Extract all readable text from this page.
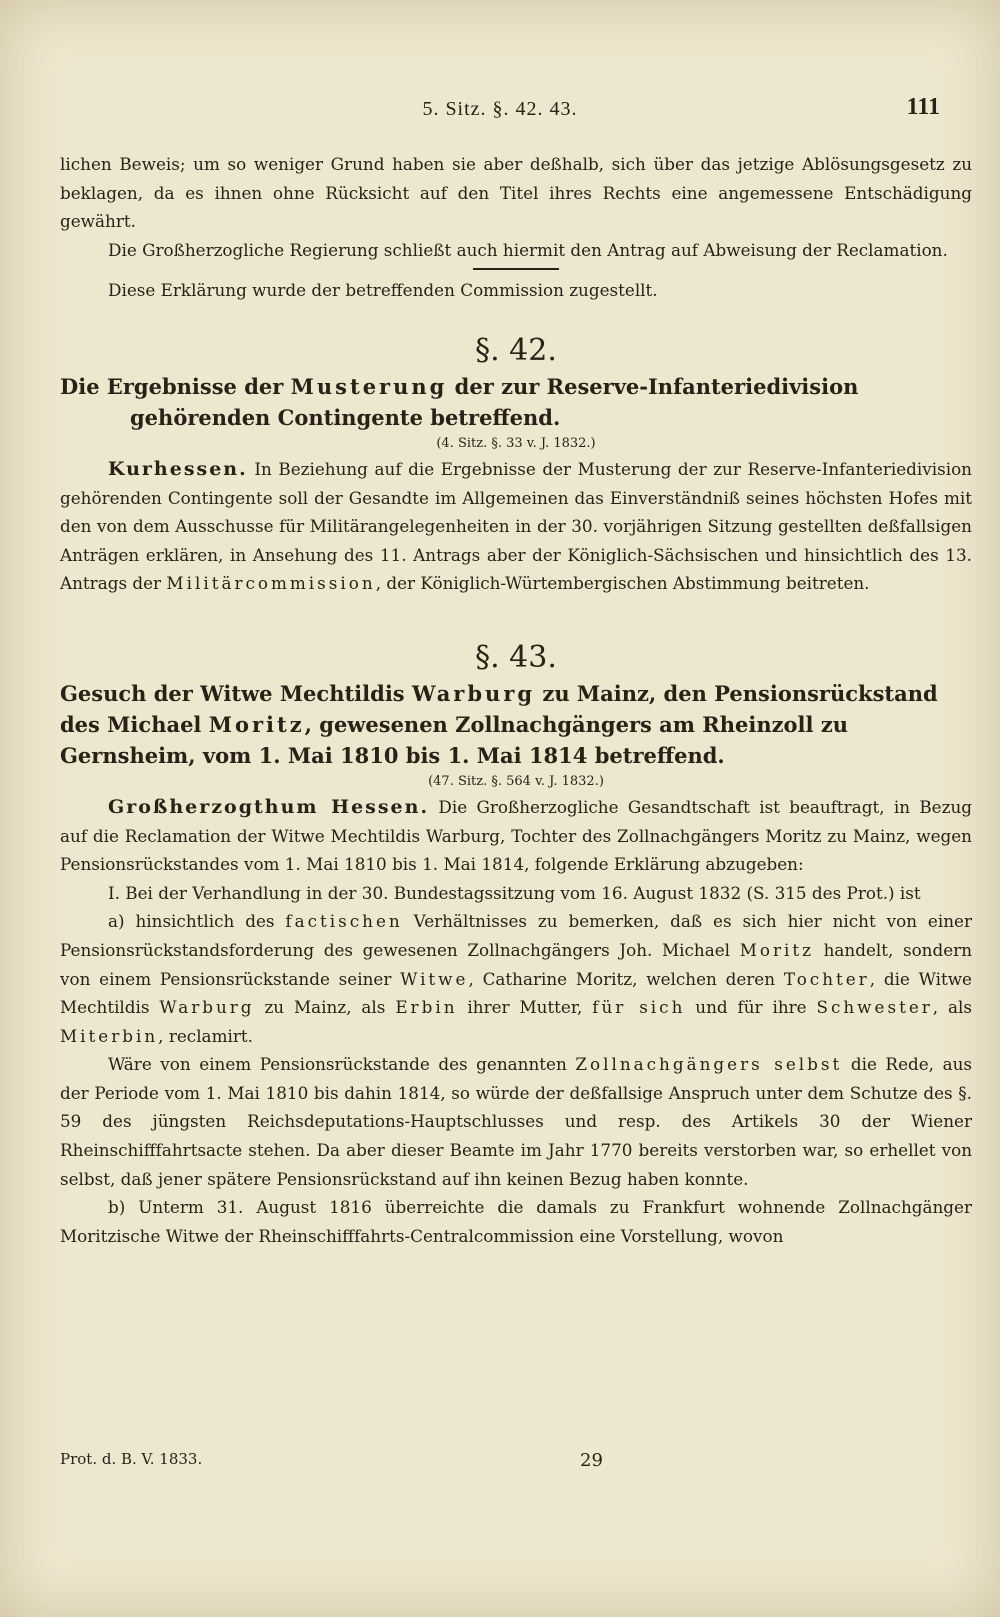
5. Sitz. §. 42. 43.	111

lichen Beweis; um so weniger Grund haben sie aber deßhalb, sich über das jetzige Ablösungsgesetz zu beklagen, da es ihnen ohne Rücksicht auf den Titel ihres Rechts eine angemessene Entschädigung gewährt.

Die Großherzogliche Regierung schließt auch hiermit den Antrag auf Abweisung der Reclamation.

Diese Erklärung wurde der betreffenden Commission zugestellt.

§. 42.

Die Ergebnisse der Musterung der zur Reserve-Infanteriedivision gehörenden Contingente betreffend.

(4. Sitz. §. 33 v. J. 1832.)

Kurhessen. In Beziehung auf die Ergebnisse der Musterung der zur Reserve-Infanteriedivision gehörenden Contingente soll der Gesandte im Allgemeinen das Einverständniß seines höchsten Hofes mit den von dem Ausschusse für Militärangelegenheiten in der 30. vorjährigen Sitzung gestellten deßfallsigen Anträgen erklären, in Ansehung des 11. Antrags aber der Königlich-Sächsischen und hinsichtlich des 13. Antrags der Militärcommission, der Königlich-Würtembergischen Abstimmung beitreten.

§. 43.

Gesuch der Witwe Mechtildis Warburg zu Mainz, den Pensionsrückstand des Michael Moritz, gewesenen Zollnachgängers am Rheinzoll zu Gernsheim, vom 1. Mai 1810 bis 1. Mai 1814 betreffend.

(47. Sitz. §. 564 v. J. 1832.)

Großherzogthum Hessen. Die Großherzogliche Gesandtschaft ist beauftragt, in Bezug auf die Reclamation der Witwe Mechtildis Warburg, Tochter des Zollnachgängers Moritz zu Mainz, wegen Pensionsrückstandes vom 1. Mai 1810 bis 1. Mai 1814, folgende Erklärung abzugeben:

I. Bei der Verhandlung in der 30. Bundestagssitzung vom 16. August 1832 (S. 315 des Prot.) ist

a) hinsichtlich des factischen Verhältnisses zu bemerken, daß es sich hier nicht von einer Pensionsrückstandsforderung des gewesenen Zollnachgängers Joh. Michael Moritz handelt, sondern von einem Pensionsrückstande seiner Witwe, Catharine Moritz, welchen deren Tochter, die Witwe Mechtildis Warburg zu Mainz, als Erbin ihrer Mutter, für sich und für ihre Schwester, als Miterbin, reclamirt.

Wäre von einem Pensionsrückstande des genannten Zollnachgängers selbst die Rede, aus der Periode vom 1. Mai 1810 bis dahin 1814, so würde der deßfallsige Anspruch unter dem Schutze des §. 59 des jüngsten Reichsdeputations-Hauptschlusses und resp. des Artikels 30 der Wiener Rheinschifffahrtsacte stehen. Da aber dieser Beamte im Jahr 1770 bereits verstorben war, so erhellet von selbst, daß jener spätere Pensionsrückstand auf ihn keinen Bezug haben konnte.

b) Unterm 31. August 1816 überreichte die damals zu Frankfurt wohnende Zollnachgänger Moritzische Witwe der Rheinschifffahrts-Centralcommission eine Vorstellung, wovon

Prot. d. B. V. 1833.	29
